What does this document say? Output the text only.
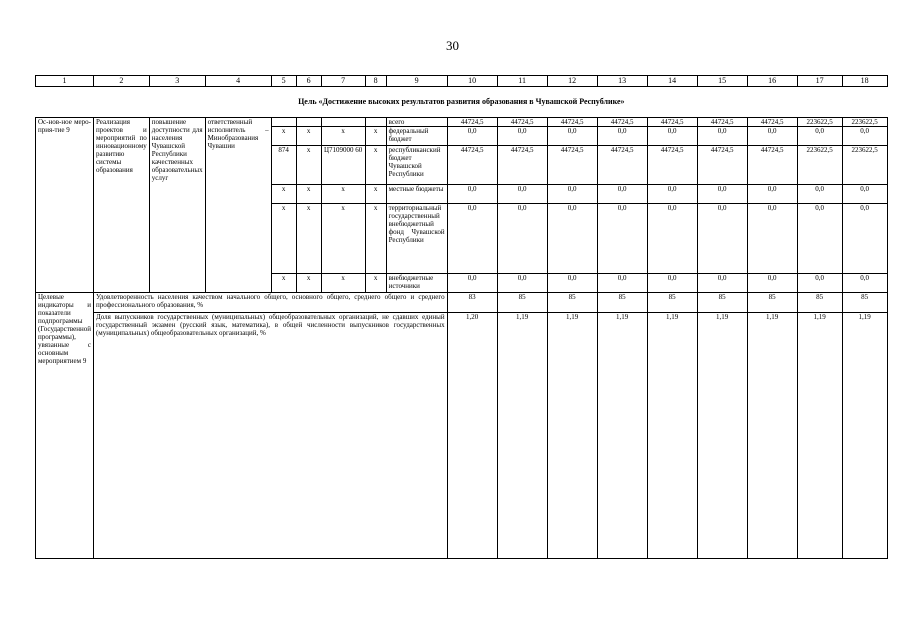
30
1	2	3	4	5	6	7	8	9	10	11	12	13	14	15	16	17	18
Цель «Достижение высоких результатов развития образования в Чувашской Республике»																	
Ос-нов-ное меро-прия-тие 9	Реализация проектов и мероприятий по инновационному развитию системы образования	повышение доступности для населения Чувашской Республики качественных образовательных услуг	ответственный исполнитель – Минобразования Чувашии					всего	44724,5	44724,5	44724,5	44724,5	44724,5	44724,5	44724,5	223622,5	223622,5
				x	x	x	x	федеральный бюджет	0,0	0,0	0,0	0,0	0,0	0,0	0,0	0,0	0,0
				874	x	Ц7109000 60	x	республиканский бюджет Чувашской Республики	44724,5	44724,5	44724,5	44724,5	44724,5	44724,5	44724,5	223622,5	223622,5
				x	x	x	x	местные бюджеты	0,0	0,0	0,0	0,0	0,0	0,0	0,0	0,0	0,0
				x	x	x	x	территориальный государственный внебюджетный фонд Чувашской Республики	0,0	0,0	0,0	0,0	0,0	0,0	0,0	0,0	0,0
				x	x	x	x	внебюджетные источники	0,0	0,0	0,0	0,0	0,0	0,0	0,0	0,0	0,0
Целевые индикаторы и показатели подпрограммы (Государственной программы), увязанные с основным мероприятием 9	Удовлетворенность населения качеством начального общего, основного общего, среднего общего и среднего профессионального образования, %								83	85	85	85	85	85	85	85	85
	Доля выпускников государственных (муниципальных) общеобразовательных организаций, не сдавших единый государственный экзамен (русский язык, математика), в общей численности выпускников государственных (муниципальных) общеобразовательных организаций, %								1,20	1,19	1,19	1,19	1,19	1,19	1,19	1,19	1,19
